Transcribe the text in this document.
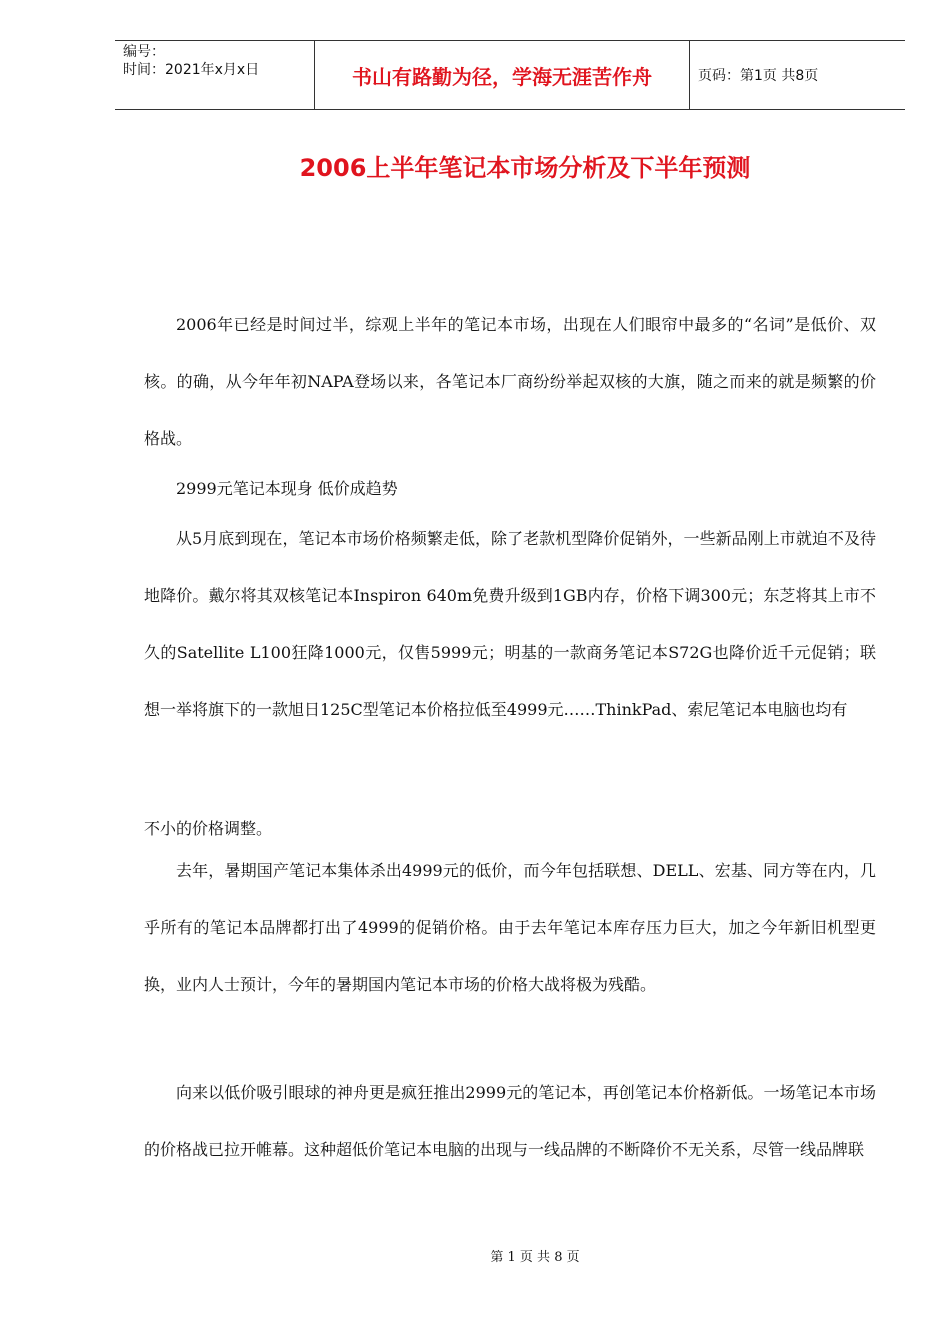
编号：
时间：2021年x月x日	书山有路勤为径，学海无涯苦作舟	页码：第1页 共8页
2006上半年笔记本市场分析及下半年预测

2006年已经是时间过半，综观上半年的笔记本市场，出现在人们眼帘中最多的“名词”是低价、双核。的确，从今年年初NAPA登场以来，各笔记本厂商纷纷举起双核的大旗，随之而来的就是频繁的价格战。

2999元笔记本现身 低价成趋势

从5月底到现在，笔记本市场价格频繁走低，除了老款机型降价促销外，一些新品刚上市就迫不及待地降价。戴尔将其双核笔记本Inspiron 640m免费升级到1GB内存，价格下调300元；东芝将其上市不久的Satellite L100狂降1000元，仅售5999元；明基的一款商务笔记本S72G也降价近千元促销；联想一举将旗下的一款旭日125C型笔记本价格拉低至4999元……ThinkPad、索尼笔记本电脑也均有

不小的价格调整。

去年，暑期国产笔记本集体杀出4999元的低价，而今年包括联想、DELL、宏基、同方等在内，几乎所有的笔记本品牌都打出了4999的促销价格。由于去年笔记本库存压力巨大，加之今年新旧机型更换，业内人士预计，今年的暑期国内笔记本市场的价格大战将极为残酷。

向来以低价吸引眼球的神舟更是疯狂推出2999元的笔记本，再创笔记本价格新低。一场笔记本市场的价格战已拉开帷幕。这种超低价笔记本电脑的出现与一线品牌的不断降价不无关系，尽管一线品牌联

第 1 页 共 8 页
